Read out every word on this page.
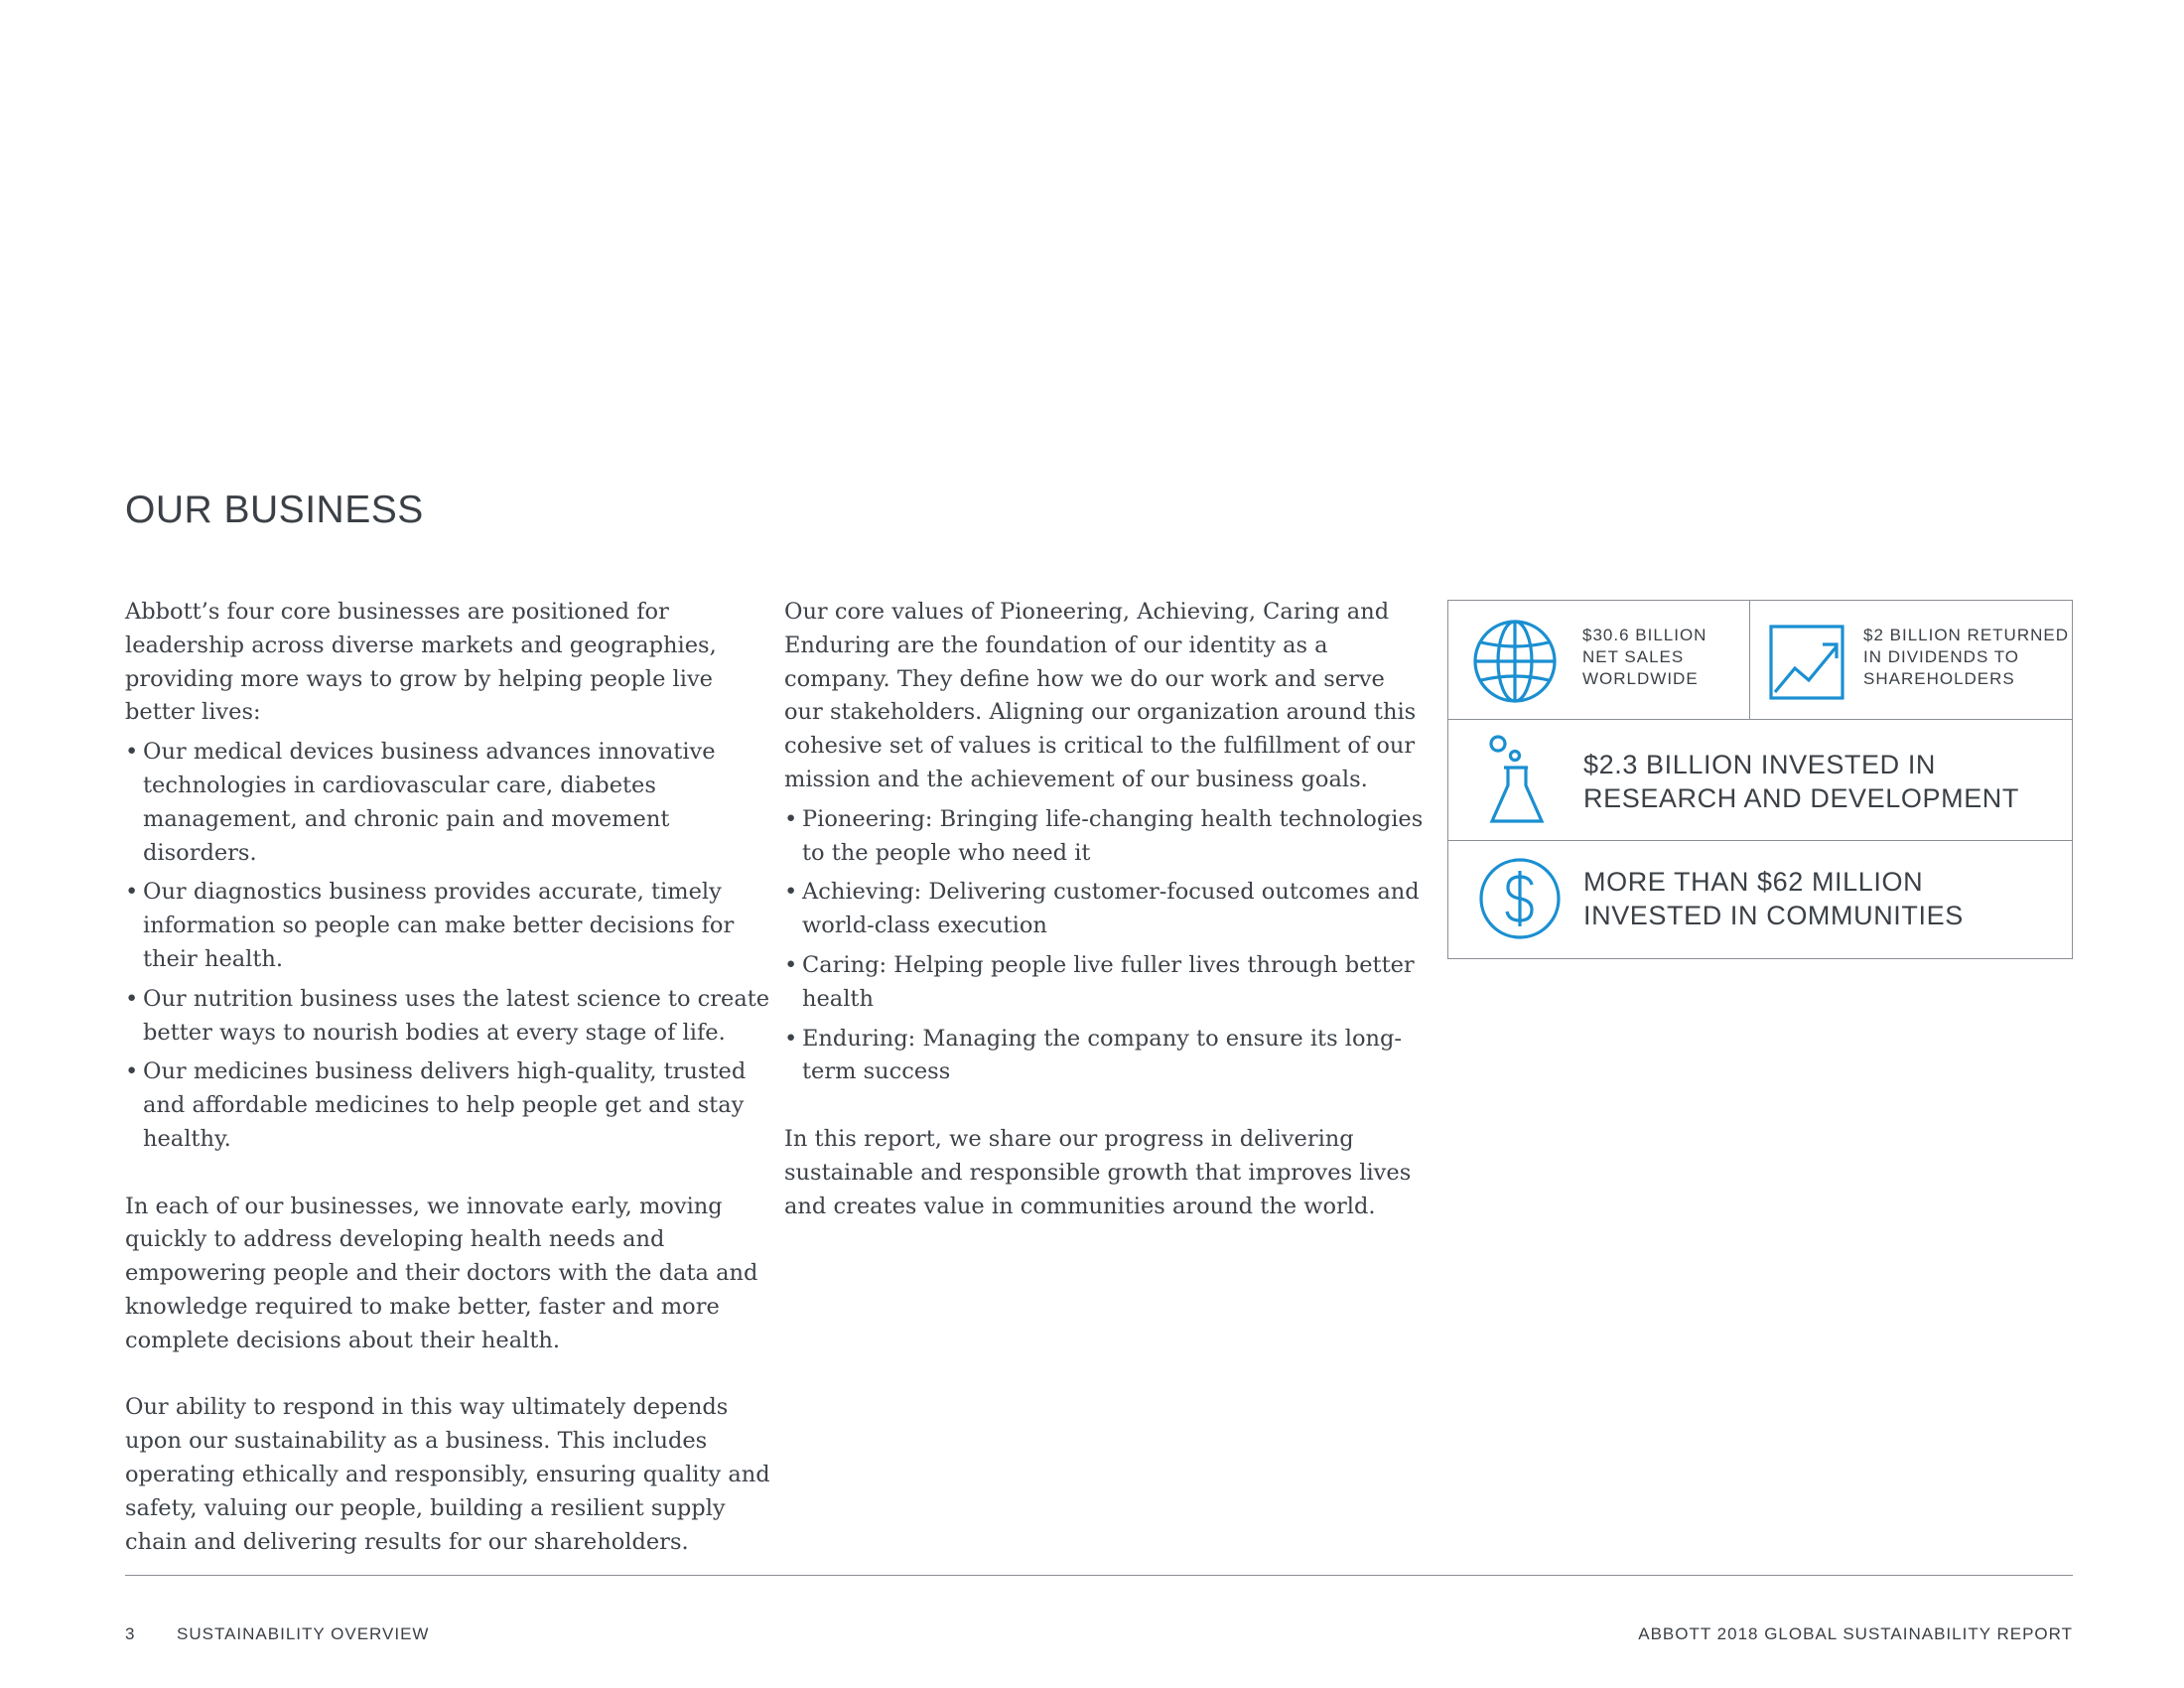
OUR BUSINESS

Abbott’s four core businesses are positioned for leadership across diverse markets and geographies, providing more ways to grow by helping people live better lives:

• Our medical devices business advances innovative technologies in cardiovascular care, diabetes management, and chronic pain and movement disorders.
• Our diagnostics business provides accurate, timely information so people can make better decisions for their health.
• Our nutrition business uses the latest science to create better ways to nourish bodies at every stage of life.
• Our medicines business delivers high-quality, trusted and affordable medicines to help people get and stay healthy.

In each of our businesses, we innovate early, moving quickly to address developing health needs and empowering people and their doctors with the data and knowledge required to make better, faster and more complete decisions about their health.

Our ability to respond in this way ultimately depends upon our sustainability as a business. This includes operating ethically and responsibly, ensuring quality and safety, valuing our people, building a resilient supply chain and delivering results for our shareholders.

Our core values of Pioneering, Achieving, Caring and Enduring are the foundation of our identity as a company. They define how we do our work and serve our stakeholders. Aligning our organization around this cohesive set of values is critical to the fulfillment of our mission and the achievement of our business goals.

• Pioneering: Bringing life-changing health technologies to the people who need it
• Achieving: Delivering customer-focused outcomes and world-class execution
• Caring: Helping people live fuller lives through better health
• Enduring: Managing the company to ensure its long-term success

In this report, we share our progress in delivering sustainable and responsible growth that improves lives and creates value in communities around the world.

$30.6 BILLION
NET SALES
WORLDWIDE
$2 BILLION RETURNED
IN DIVIDENDS TO
SHAREHOLDERS
$2.3 BILLION INVESTED IN
RESEARCH AND DEVELOPMENT
MORE THAN $62 MILLION
INVESTED IN COMMUNITIES
3 SUSTAINABILITY OVERVIEW	ABBOTT 2018 GLOBAL SUSTAINABILITY REPORT
